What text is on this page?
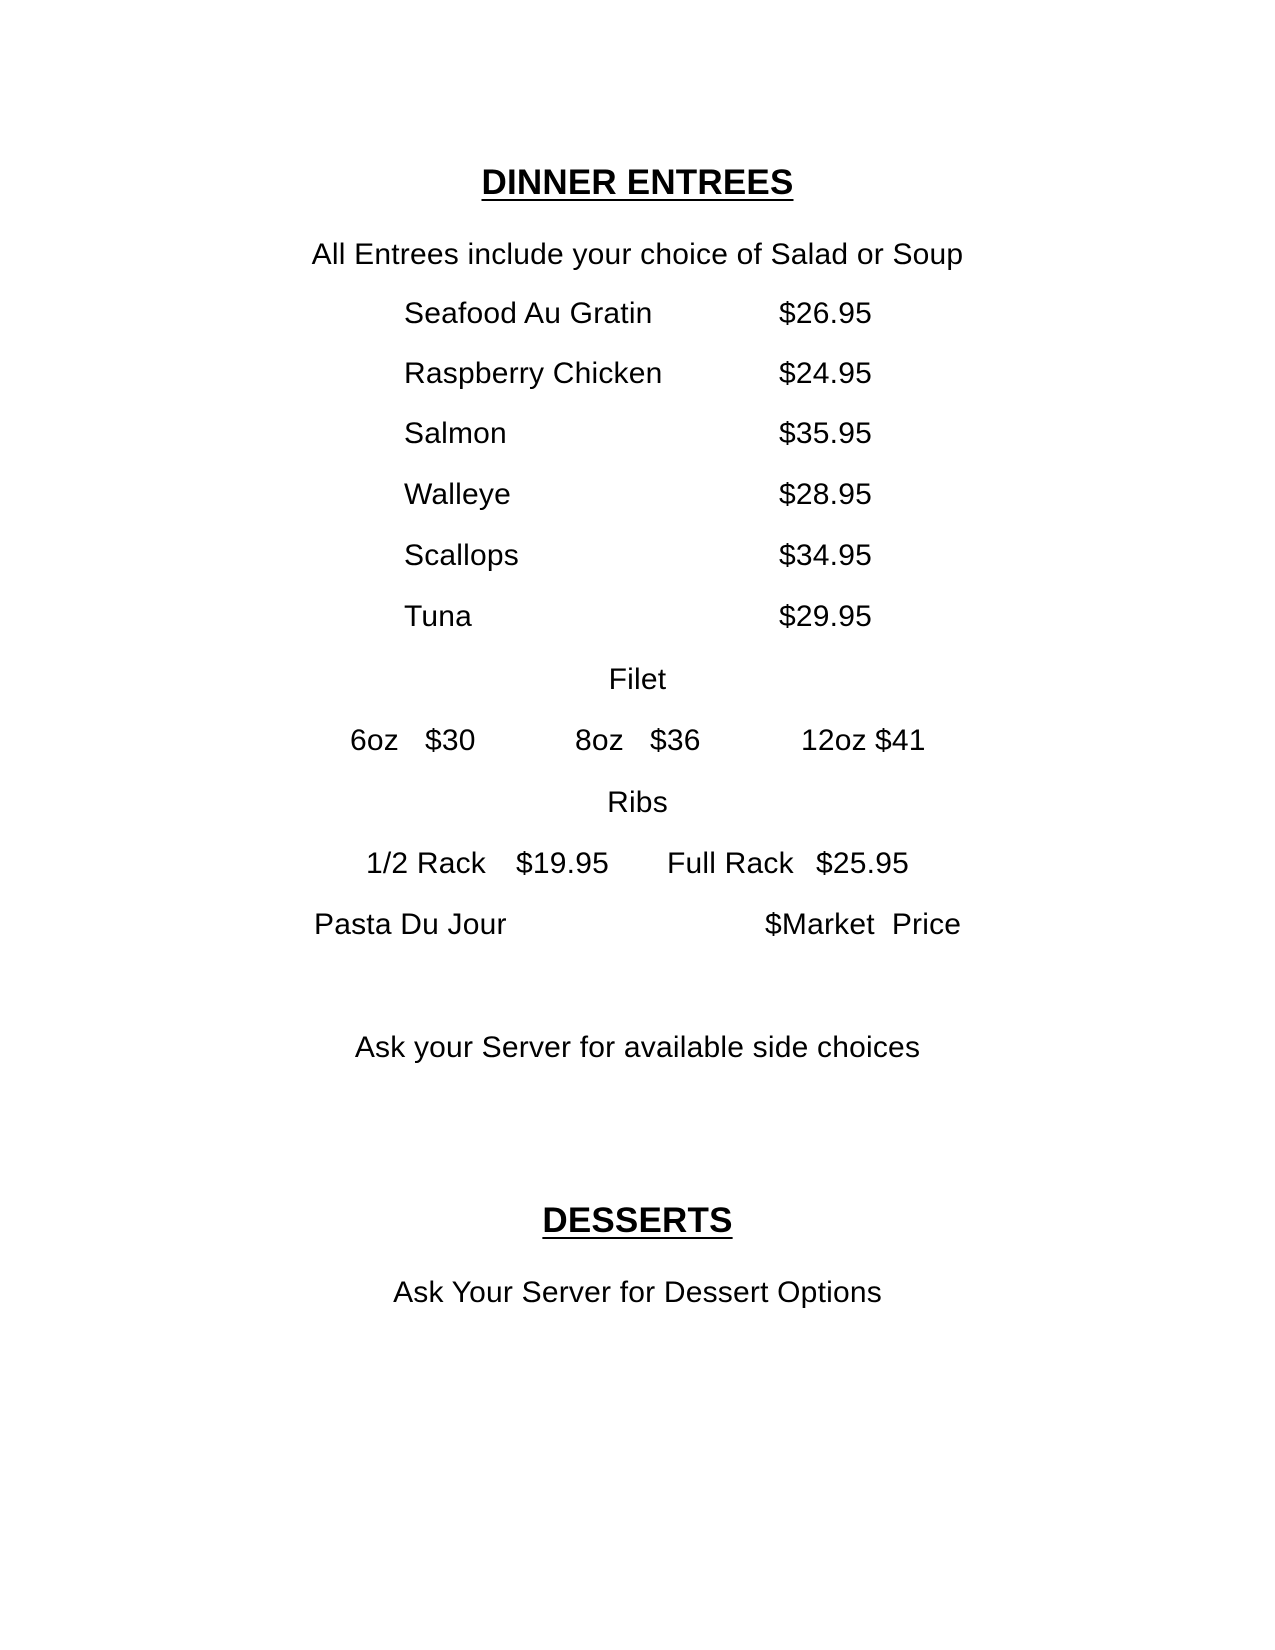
DINNER ENTREES
All Entrees include your choice of Salad or Soup
Seafood Au Gratin	$26.95
Raspberry Chicken	$24.95
Salmon	$35.95
Walleye	$28.95
Scallops	$34.95
Tuna	$29.95
Filet
6oz $30	8oz $36	12oz $41
Ribs
1/2 Rack $19.95 Full Rack $25.95
Pasta Du Jour	$Market  Price
Ask your Server for available side choices
DESSERTS
Ask Your Server for Dessert Options
